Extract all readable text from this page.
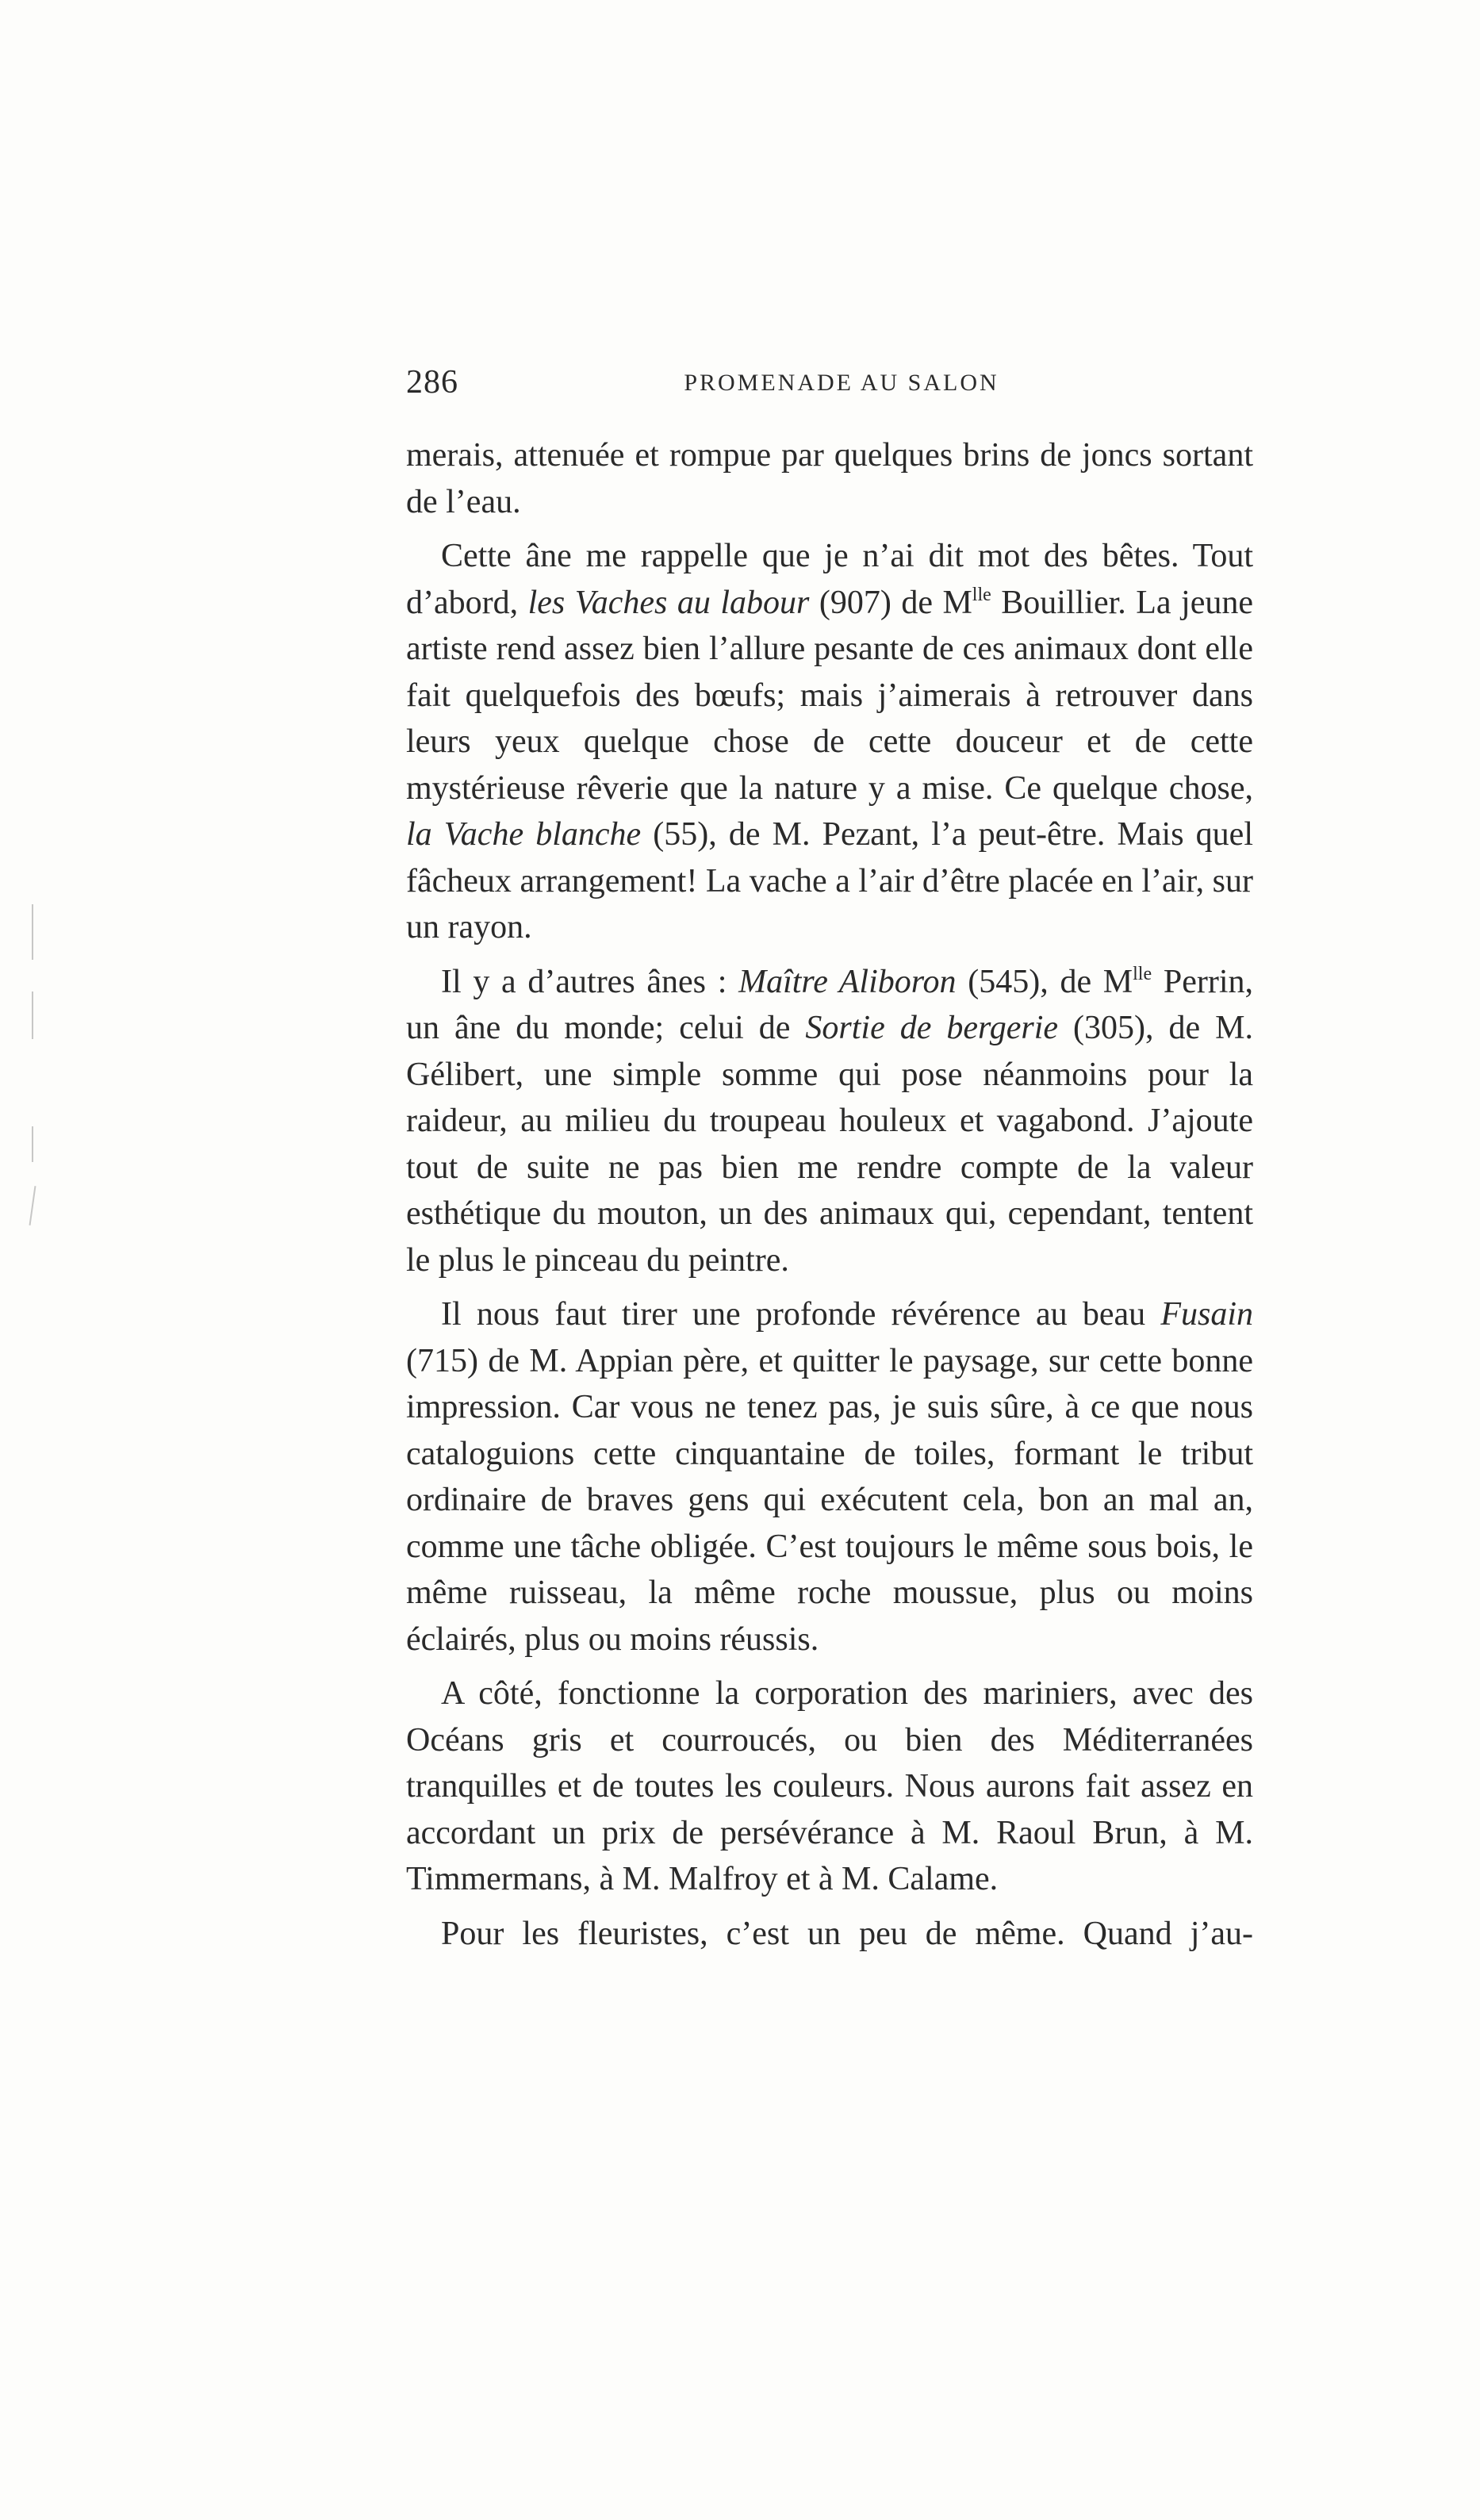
286	PROMENADE AU SALON

merais, attenuée et rompue par quelques brins de joncs sortant de l’eau.

Cette âne me rappelle que je n’ai dit mot des bêtes. Tout d’abord, les Vaches au labour (907) de $M^{lle}$ Bouillier. La jeune artiste rend assez bien l’allure pesante de ces animaux dont elle fait quelquefois des bœufs; mais j’aimerais à retrouver dans leurs yeux quelque chose de cette douceur et de cette mystérieuse rêverie que la nature y a mise. Ce quelque chose, la Vache blanche (55), de M. Pezant, l’a peut-être. Mais quel fâcheux arrangement! La vache a l’air d’être placée en l’air, sur un rayon.

Il y a d’autres ânes : Maître Aliboron (545), de $M^{lle}$ Perrin, un âne du monde; celui de Sortie de bergerie (305), de M. Gélibert, une simple somme qui pose néanmoins pour la raideur, au milieu du troupeau houleux et vagabond. J’ajoute tout de suite ne pas bien me rendre compte de la valeur esthétique du mouton, un des animaux qui, cependant, tentent le plus le pinceau du peintre.

Il nous faut tirer une profonde révérence au beau Fusain (715) de M. Appian père, et quitter le paysage, sur cette bonne impression. Car vous ne tenez pas, je suis sûre, à ce que nous cataloguions cette cinquantaine de toiles, formant le tribut ordinaire de braves gens qui exécutent cela, bon an mal an, comme une tâche obligée. C’est toujours le même sous bois, le même ruisseau, la même roche moussue, plus ou moins éclairés, plus ou moins réussis.

A côté, fonctionne la corporation des mariniers, avec des Océans gris et courroucés, ou bien des Méditerranées tranquilles et de toutes les couleurs. Nous aurons fait assez en accordant un prix de persévérance à M. Raoul Brun, à M. Timmermans, à M. Malfroy et à M. Calame.

Pour les fleuristes, c’est un peu de même. Quand j’au-
